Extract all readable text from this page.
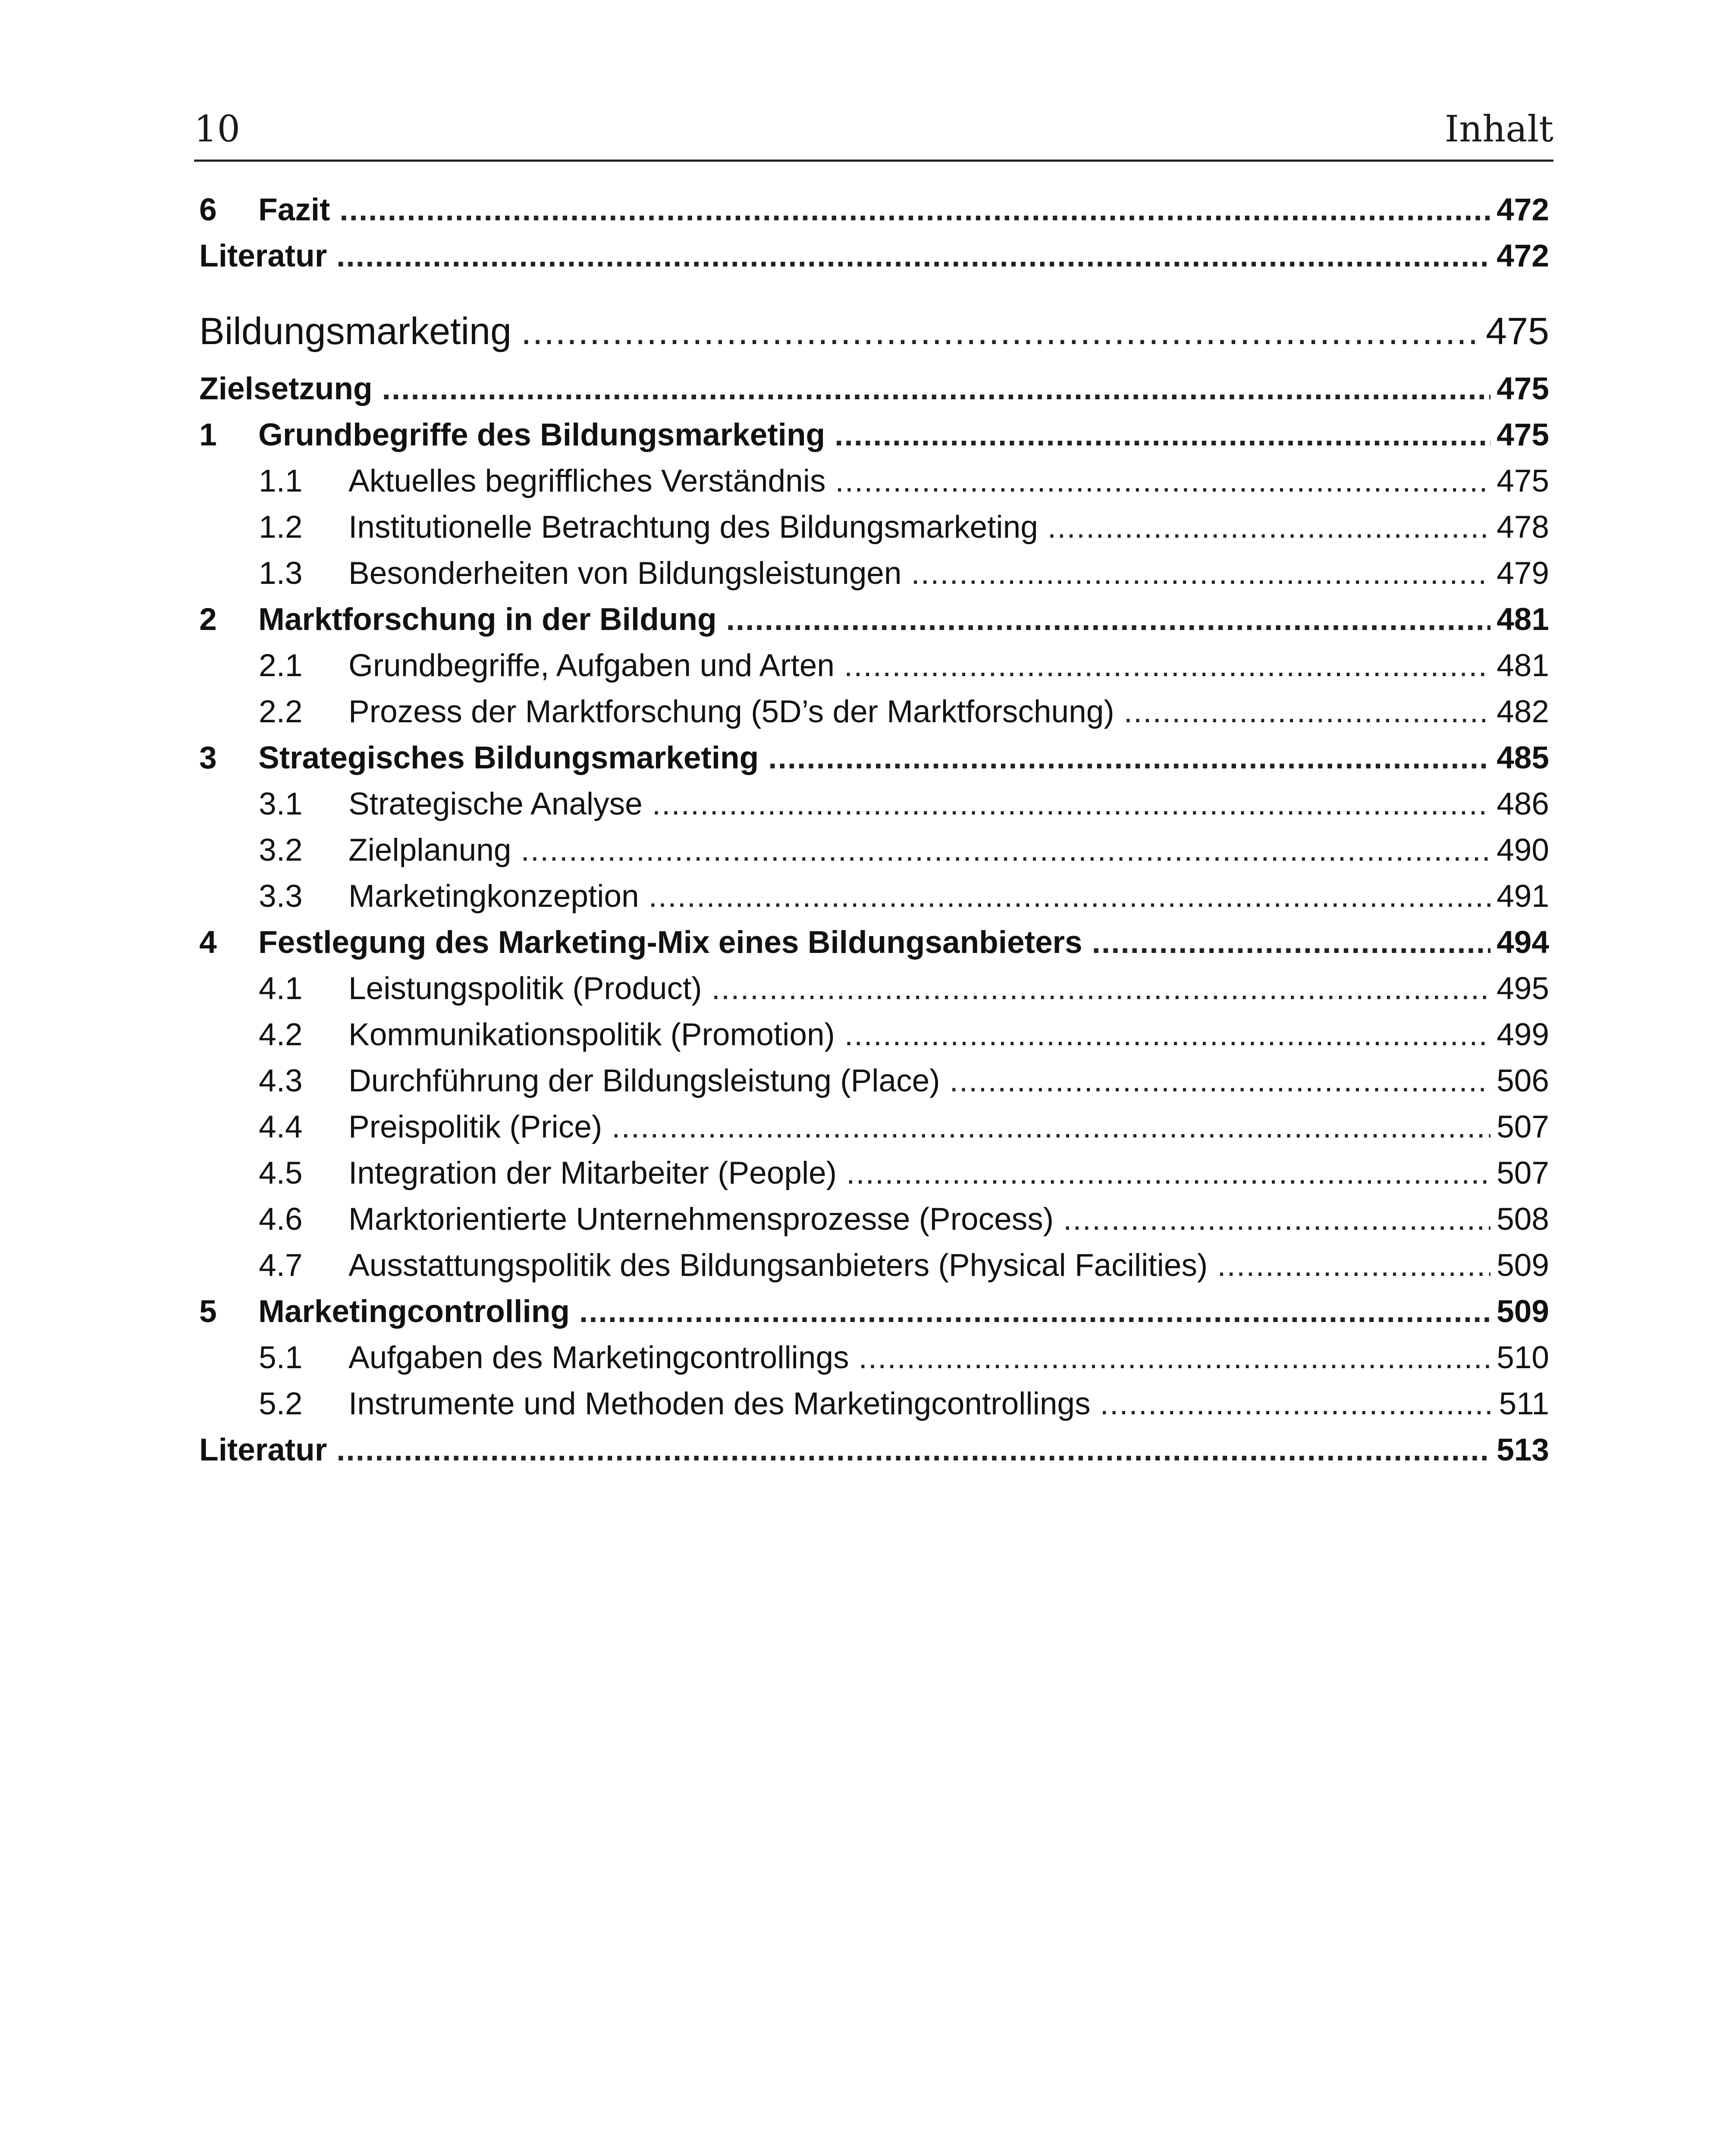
10	Inhalt
6	Fazit .....	472
Literatur .....	472
Bildungsmarketing .....	475
Zielsetzung .....	475
1	Grundbegriffe des Bildungsmarketing .....	475
1.1	Aktuelles begriffliches Verständnis .....	475
1.2	Institutionelle Betrachtung des Bildungsmarketing .....	478
1.3	Besonderheiten von Bildungsleistungen .....	479
2	Marktforschung in der Bildung .....	481
2.1	Grundbegriffe, Aufgaben und Arten .....	481
2.2	Prozess der Marktforschung (5D’s der Marktforschung) .....	482
3	Strategisches Bildungsmarketing .....	485
3.1	Strategische Analyse .....	486
3.2	Zielplanung .....	490
3.3	Marketingkonzeption .....	491
4	Festlegung des Marketing-Mix eines Bildungsanbieters .....	494
4.1	Leistungspolitik (Product) .....	495
4.2	Kommunikationspolitik (Promotion) .....	499
4.3	Durchführung der Bildungsleistung (Place) .....	506
4.4	Preispolitik (Price) .....	507
4.5	Integration der Mitarbeiter (People) .....	507
4.6	Marktorientierte Unternehmensprozesse (Process) .....	508
4.7	Ausstattungspolitik des Bildungsanbieters (Physical Facilities) .....	509
5	Marketingcontrolling .....	509
5.1	Aufgaben des Marketingcontrollings .....	510
5.2	Instrumente und Methoden des Marketingcontrollings .....	511
Literatur .....	513
